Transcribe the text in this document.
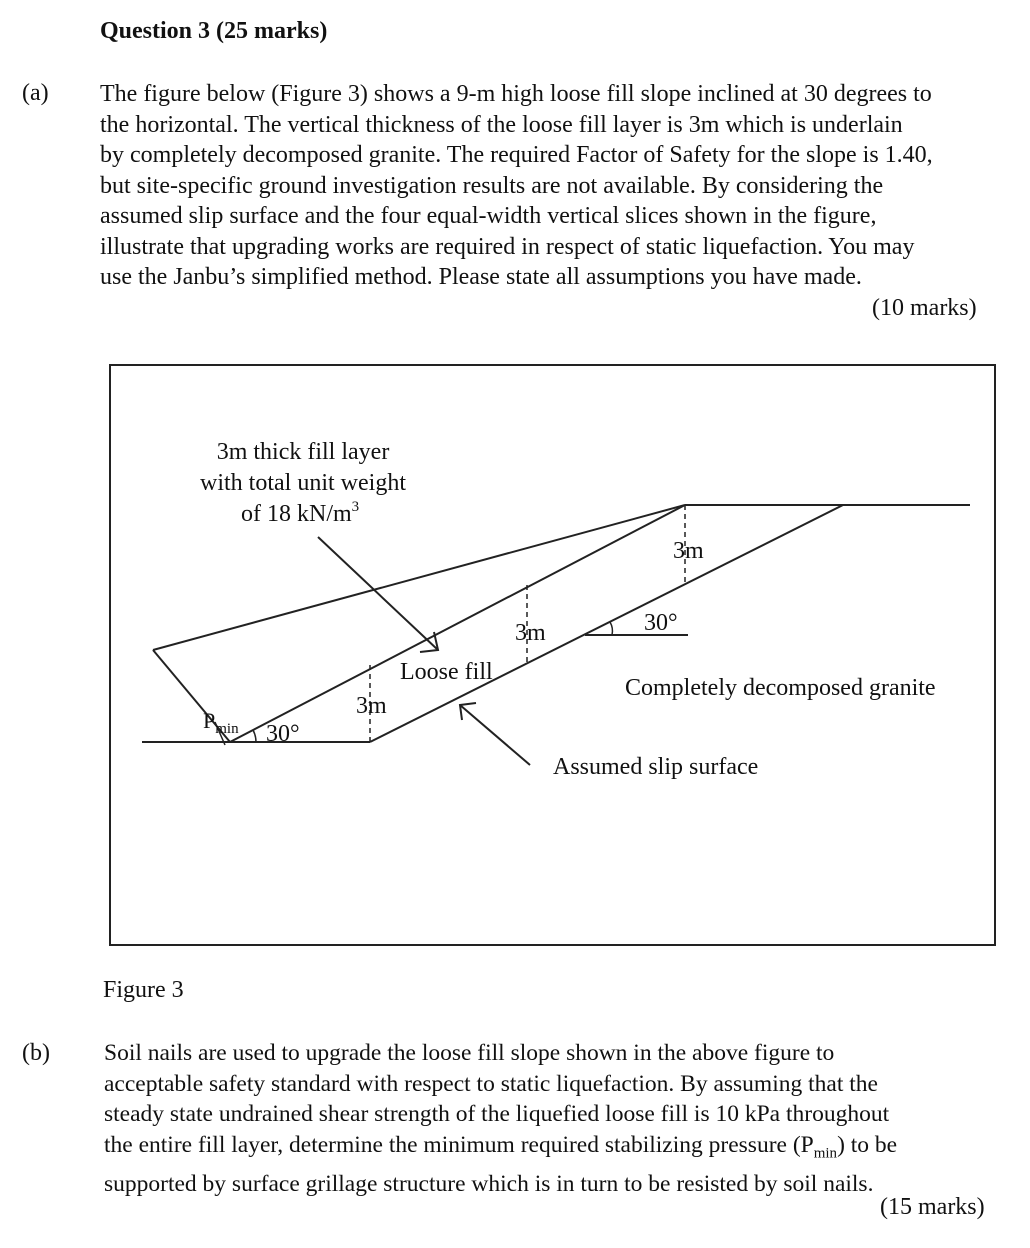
Question 3 (25 marks)
(a) The figure below (Figure 3) shows a 9-m high loose fill slope inclined at 30 degrees to
the horizontal. The vertical thickness of the loose fill layer is 3m which is underlain
by completely decomposed granite. The required Factor of Safety for the slope is 1.40,
but site-specific ground investigation results are not available. By considering the
assumed slip surface and the four equal-width vertical slices shown in the figure,
illustrate that upgrading works are required in respect of static liquefaction. You may
use the Janbu’s simplified method. Please state all assumptions you have made.
(10 marks)
3m thick fill layer
with total unit weight
of 18 $kN/m^3$
3m
3m
3m
30°
30°
Loose fill
Completely decomposed granite
Assumed slip surface
$P_{min}$
Figure 3
(b) Soil nails are used to upgrade the loose fill slope shown in the above figure to
acceptable safety standard with respect to static liquefaction. By assuming that the
steady state undrained shear strength of the liquefied loose fill is 10 kPa throughout
the entire fill layer, determine the minimum required stabilizing pressure $(P_{min})$ to be
supported by surface grillage structure which is in turn to be resisted by soil nails.
(15 marks)
